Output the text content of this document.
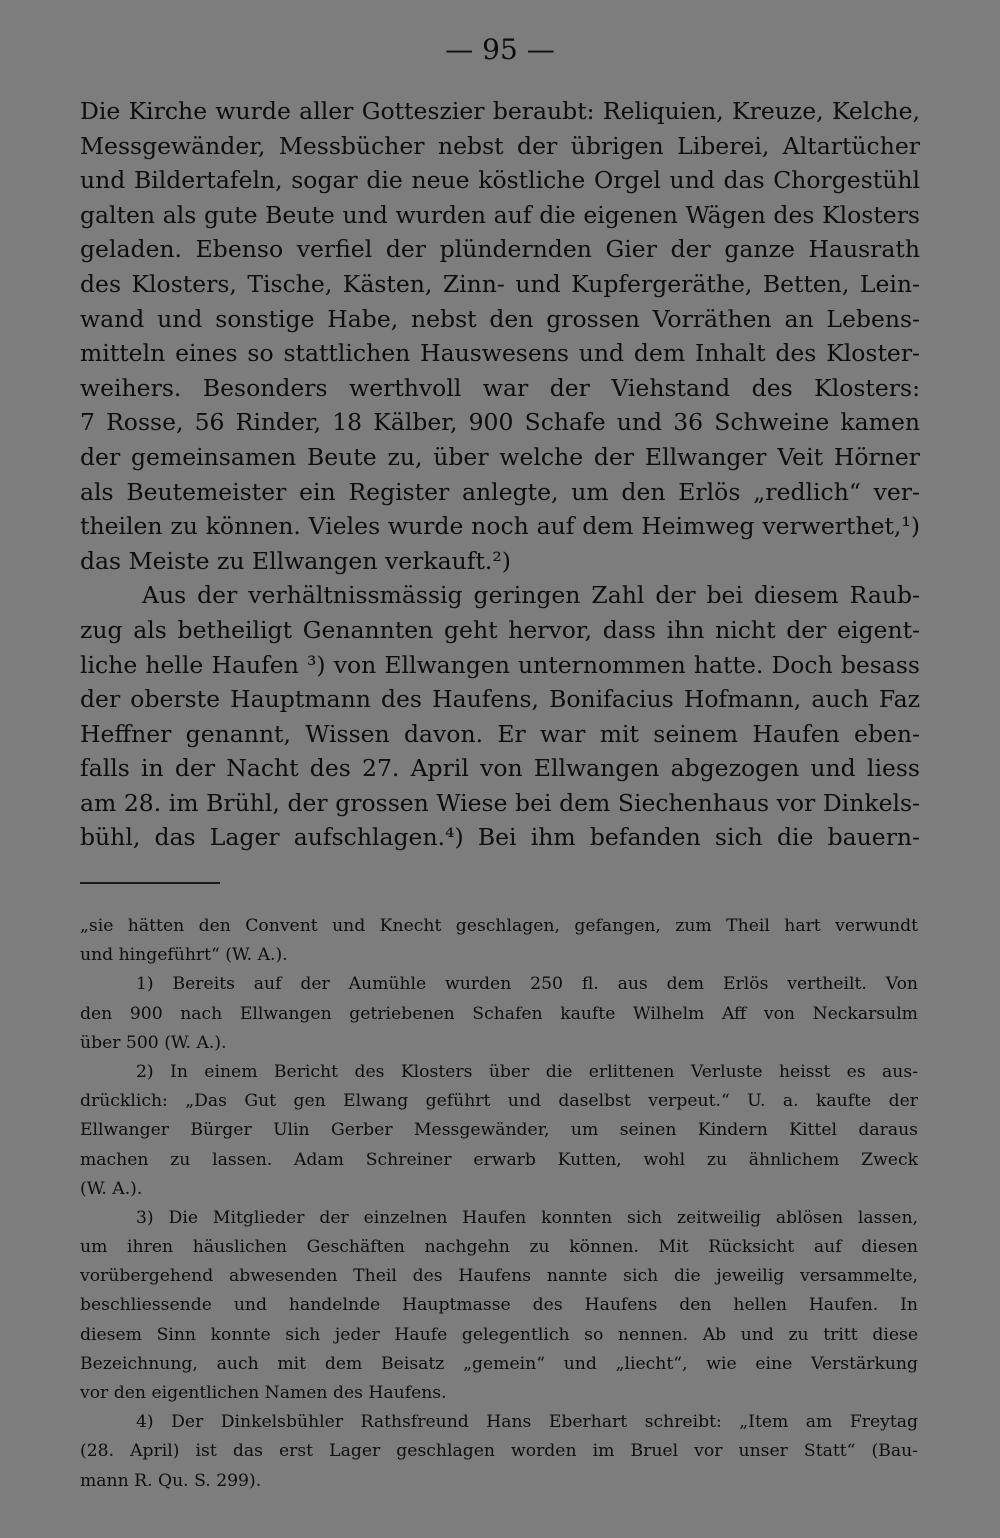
— 95 —
Die Kirche wurde aller Gotteszier beraubt: Reliquien, Kreuze, Kelche,
Messgewänder, Messbücher nebst der übrigen Liberei, Altartücher
und Bildertafeln, sogar die neue köstliche Orgel und das Chorgestühl
galten als gute Beute und wurden auf die eigenen Wägen des Klosters
geladen. Ebenso verfiel der plündernden Gier der ganze Hausrath
des Klosters, Tische, Kästen, Zinn- und Kupfergeräthe, Betten, Lein-
wand und sonstige Habe, nebst den grossen Vorräthen an Lebens-
mitteln eines so stattlichen Hauswesens und dem Inhalt des Kloster-
weihers. Besonders werthvoll war der Viehstand des Klosters:
7 Rosse, 56 Rinder, 18 Kälber, 900 Schafe und 36 Schweine kamen
der gemeinsamen Beute zu, über welche der Ellwanger Veit Hörner
als Beutemeister ein Register anlegte, um den Erlös „redlich“ ver-
theilen zu können. Vieles wurde noch auf dem Heimweg verwerthet,¹)
das Meiste zu Ellwangen verkauft.²)
Aus der verhältnissmässig geringen Zahl der bei diesem Raub-
zug als betheiligt Genannten geht hervor, dass ihn nicht der eigent-
liche helle Haufen ³) von Ellwangen unternommen hatte. Doch besass
der oberste Hauptmann des Haufens, Bonifacius Hofmann, auch Faz
Heffner genannt, Wissen davon. Er war mit seinem Haufen eben-
falls in der Nacht des 27. April von Ellwangen abgezogen und liess
am 28. im Brühl, der grossen Wiese bei dem Siechenhaus vor Dinkels-
bühl, das Lager aufschlagen.⁴) Bei ihm befanden sich die bauern-
„sie hätten den Convent und Knecht geschlagen, gefangen, zum Theil hart verwundt
und hingeführt“ (W. A.).
1) Bereits auf der Aumühle wurden 250 fl. aus dem Erlös vertheilt. Von
den 900 nach Ellwangen getriebenen Schafen kaufte Wilhelm Aff von Neckarsulm
über 500 (W. A.).
2) In einem Bericht des Klosters über die erlittenen Verluste heisst es aus-
drücklich: „Das Gut gen Elwang geführt und daselbst verpeut.“ U. a. kaufte der
Ellwanger Bürger Ulin Gerber Messgewänder, um seinen Kindern Kittel daraus
machen zu lassen. Adam Schreiner erwarb Kutten, wohl zu ähnlichem Zweck
(W. A.).
3) Die Mitglieder der einzelnen Haufen konnten sich zeitweilig ablösen lassen,
um ihren häuslichen Geschäften nachgehn zu können. Mit Rücksicht auf diesen
vorübergehend abwesenden Theil des Haufens nannte sich die jeweilig versammelte,
beschliessende und handelnde Hauptmasse des Haufens den hellen Haufen. In
diesem Sinn konnte sich jeder Haufe gelegentlich so nennen. Ab und zu tritt diese
Bezeichnung, auch mit dem Beisatz „gemein“ und „liecht“, wie eine Verstärkung
vor den eigentlichen Namen des Haufens.
4) Der Dinkelsbühler Rathsfreund Hans Eberhart schreibt: „Item am Freytag
(28. April) ist das erst Lager geschlagen worden im Bruel vor unser Statt“ (Bau-
mann R. Qu. S. 299).
